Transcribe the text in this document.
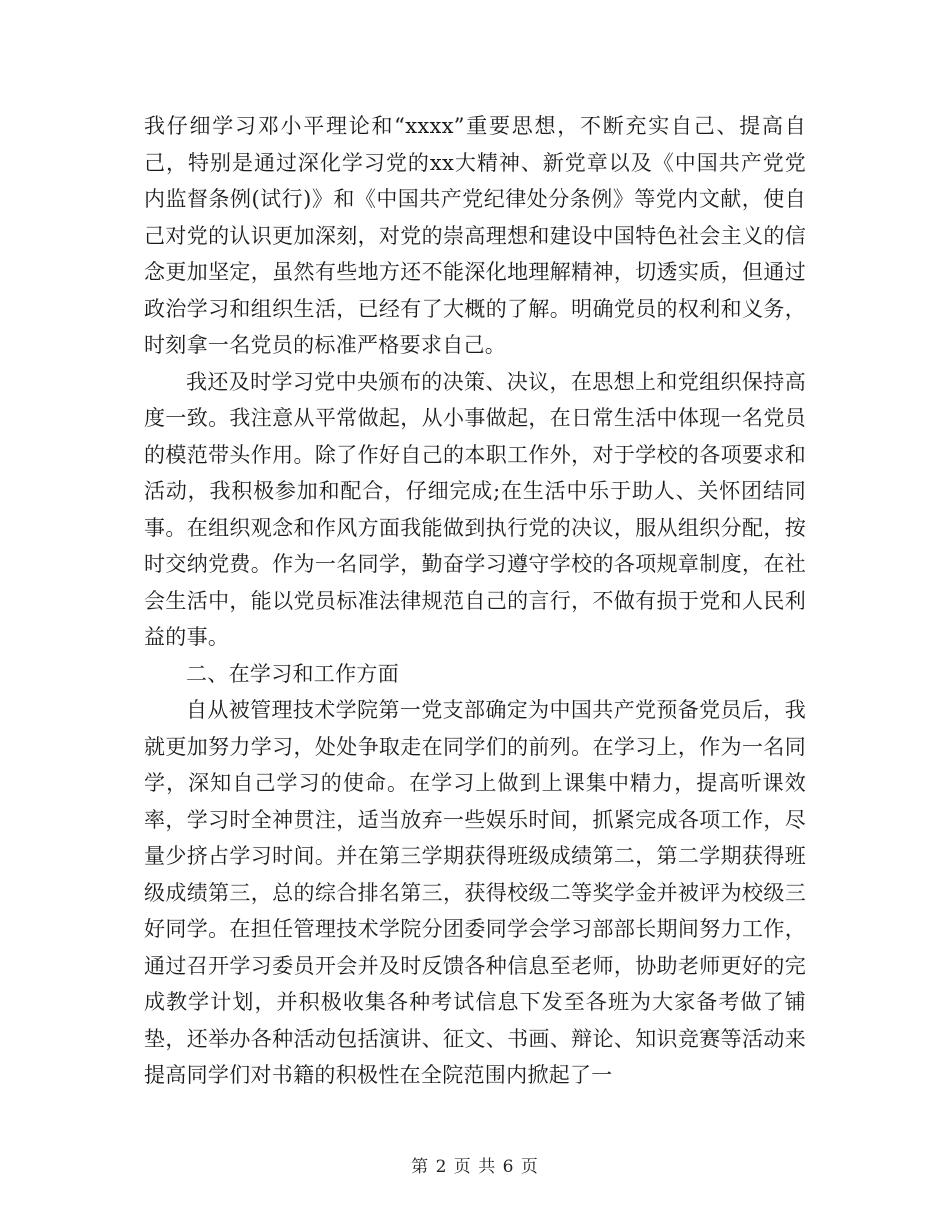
我仔细学习邓小平理论和“xxxx”重要思想，不断充实自己、提高自己，特别是通过深化学习党的xx大精神、新党章以及《中国共产党党内监督条例(试行)》和《中国共产党纪律处分条例》等党内文献，使自己对党的认识更加深刻，对党的崇高理想和建设中国特色社会主义的信念更加坚定，虽然有些地方还不能深化地理解精神，切透实质，但通过政治学习和组织生活，已经有了大概的了解。明确党员的权利和义务，时刻拿一名党员的标准严格要求自己。

我还及时学习党中央颁布的决策、决议，在思想上和党组织保持高度一致。我注意从平常做起，从小事做起，在日常生活中体现一名党员的模范带头作用。除了作好自己的本职工作外，对于学校的各项要求和活动，我积极参加和配合，仔细完成;在生活中乐于助人、关怀团结同事。在组织观念和作风方面我能做到执行党的决议，服从组织分配，按时交纳党费。作为一名同学，勤奋学习遵守学校的各项规章制度，在社会生活中，能以党员标准法律规范自己的言行，不做有损于党和人民利益的事。

二、在学习和工作方面

自从被管理技术学院第一党支部确定为中国共产党预备党员后，我就更加努力学习，处处争取走在同学们的前列。在学习上，作为一名同学，深知自己学习的使命。在学习上做到上课集中精力，提高听课效率，学习时全神贯注，适当放弃一些娱乐时间，抓紧完成各项工作，尽量少挤占学习时间。并在第三学期获得班级成绩第二，第二学期获得班级成绩第三，总的综合排名第三，获得校级二等奖学金并被评为校级三好同学。在担任管理技术学院分团委同学会学习部部长期间努力工作，通过召开学习委员开会并及时反馈各种信息至老师，协助老师更好的完成教学计划，并积极收集各种考试信息下发至各班为大家备考做了铺垫，还举办各种活动包括演讲、征文、书画、辩论、知识竞赛等活动来提高同学们对书籍的积极性在全院范围内掀起了一

第 2 页 共 6 页
